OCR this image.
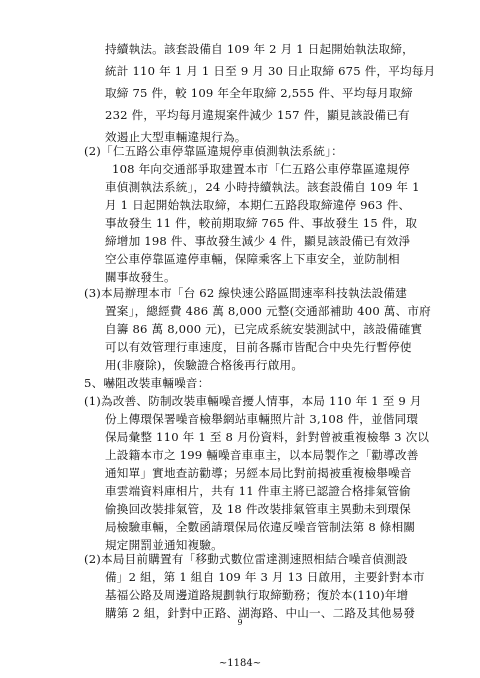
持續執法。該套設備自 109 年 2 月 1 日起開始執法取締，
統計 110 年 1 月 1 日至 9 月 30 日止取締 675 件，平均每月
取締 75 件，較 109 年全年取締 2,555 件、平均每月取締
232 件，平均每月違規案件減少 157 件，顯見該設備已有
效遏止大型車輛違規行為。
(2)「仁五路公車停靠區違規停車偵測執法系統」：
108 年向交通部爭取建置本市「仁五路公車停靠區違規停
車偵測執法系統」，24 小時持續執法。該套設備自 109 年 1
月 1 日起開始執法取締，本期仁五路段取締違停 963 件、
事故發生 11 件，較前期取締 765 件、事故發生 15 件，取
締增加 198 件、事故發生減少 4 件，顯見該設備已有效淨
空公車停靠區違停車輛，保障乘客上下車安全，並防制相
關事故發生。
(3)本局辦理本市「台 62 線快速公路區間速率科技執法設備建
置案」，總經費 486 萬 8,000 元整(交通部補助 400 萬、市府
自籌 86 萬 8,000 元)，已完成系統安裝測試中，該設備確實
可以有效管理行車速度，目前各縣市皆配合中央先行暫停使
用(非廢除)，俟驗證合格後再行啟用。
5、嚇阻改裝車輛噪音：
(1)為改善、防制改裝車輛噪音擾人情事，本局 110 年 1 至 9 月
份上傳環保署噪音檢舉網站車輛照片計 3,108 件，並偕同環
保局彙整 110 年 1 至 8 月份資料，針對曾被重複檢舉 3 次以
上設籍本市之 199 輛噪音車車主，以本局製作之「勸導改善
通知單」實地查訪勸導；另經本局比對前揭被重複檢舉噪音
車雲端資料庫相片，共有 11 件車主將已認證合格排氣管偷
偷換回改裝排氣管，及 18 件改裝排氣管車主異動未到環保
局檢驗車輛，全數函請環保局依違反噪音管制法第 8 條相關
規定開罰並通知複驗。
(2)本局目前購置有「移動式數位雷達測速照相結合噪音偵測設
備」2 組，第 1 組自 109 年 3 月 13 日啟用，主要針對本市
基福公路及周邊道路規劃執行取締勤務；復於本(110)年增
購第 2 組，針對中正路、湖海路、中山一、二路及其他易發
9
~1184~
